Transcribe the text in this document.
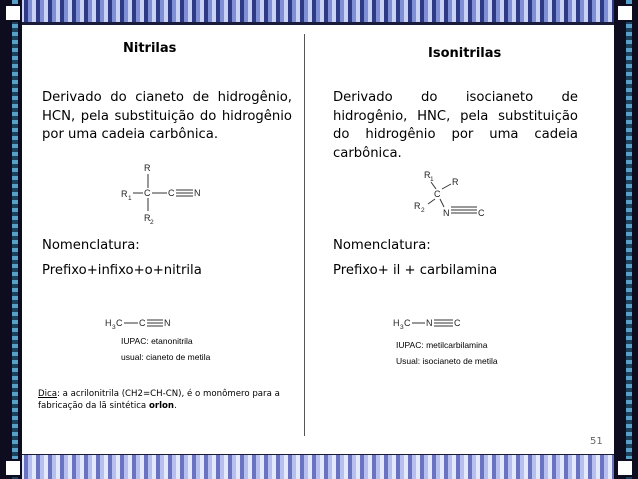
Nitrilas
Derivado do cianeto de hidrogênio, HCN, pela substituição do hidrogênio por uma cadeia carbônica.
R
R 1
C C N
R 2
Nomenclatura:
Prefixo+infixo+o+nitrila
H 3 C C N
IUPAC: etanonitrila
usual: cianeto de metila
Dica: a acrilonitrila (CH2=CH-CN), é o monômero para a fabricação da lã sintética orlon.
Isonitrilas
Derivado do isocianeto de hidrogênio, HNC, pela substituição do hidrogênio por uma cadeia carbônica.
R 1 R
C
R 2 N	C
Nomenclatura:
Prefixo+ il + carbilamina
H 3 C N C
IUPAC: metilcarbilamina
Usual: isocianeto de metila
51
